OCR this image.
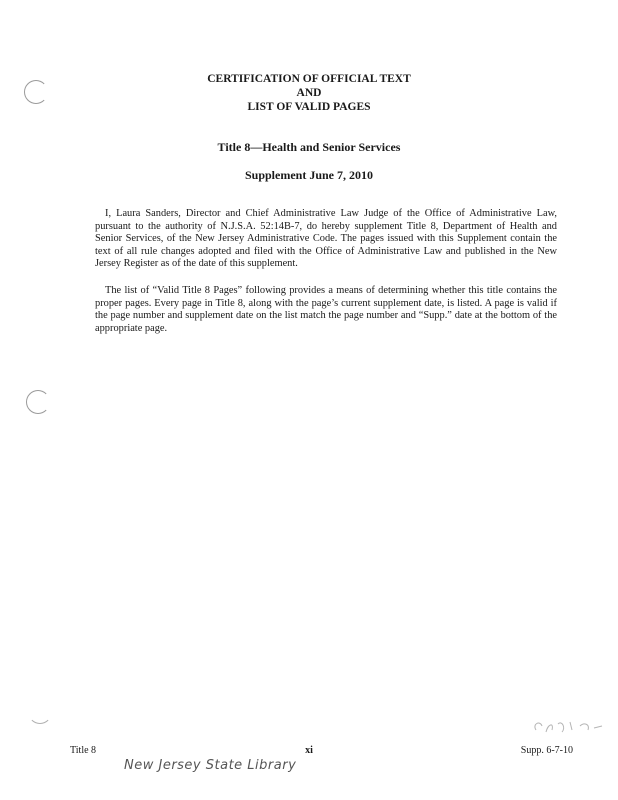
CERTIFICATION OF OFFICIAL TEXT
AND
LIST OF VALID PAGES
Title 8—Health and Senior Services
Supplement June 7, 2010

I, Laura Sanders, Director and Chief Administrative Law Judge of the Office of Administrative Law, pursuant to the authority of N.J.S.A. 52:14B-7, do hereby supplement Title 8, Department of Health and Senior Services, of the New Jersey Administrative Code. The pages issued with this Supplement contain the text of all rule changes adopted and filed with the Office of Administrative Law and published in the New Jersey Register as of the date of this supplement.

The list of “Valid Title 8 Pages” following provides a means of determining whether this title contains the proper pages. Every page in Title 8, along with the page’s current supplement date, is listed. A page is valid if the page number and supplement date on the list match the page number and “Supp.” date at the bottom of the appropriate page.

Title 8	xi	Supp. 6-7-10
New Jersey State Library
